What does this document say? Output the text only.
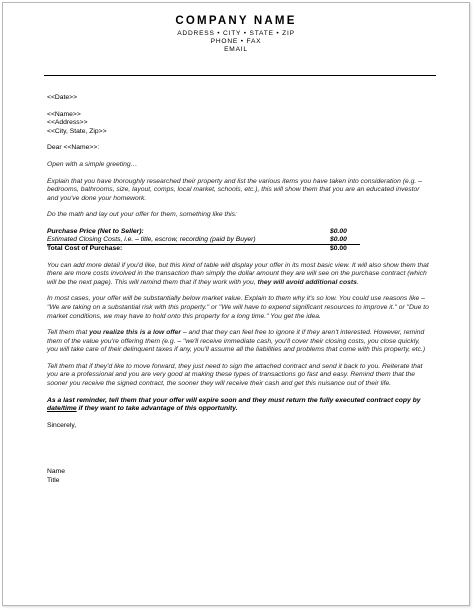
COMPANY NAME
ADDRESS • CITY • STATE • ZIP
PHONE • FAX
EMAIL

<<Date>>

<<Name>>

<<Address>>

<<City, State, Zip>>

Dear <<Name>>:

Open with a simple greeting…

Explain that you have thoroughly researched their property and list the various items you have taken into consideration (e.g. – bedrooms, bathrooms, size, layout, comps, local market, schools, etc.), this will show them that you are an educated investor and you've done your homework.

Do the math and lay out your offer for them, something like this:

Purchase Price (Net to Seller):	$0.00
Estimated Closing Costs, i.e. – title, escrow, recording (paid by Buyer)	$0.00
Total Cost of Purchase:	$0.00

You can add more detail if you'd like, but this kind of table will display your offer in its most basic view. It will also show them that there are more costs involved in the transaction than simply the dollar amount they are will see on the purchase contract (which will be the next page). This will remind them that if they work with you, they will avoid additional costs.

In most cases, your offer will be substantially below market value. Explain to them why it's so low. You could use reasons like – "We are taking on a substantial risk with this property." or "We will have to expend significant resources to improve it." or "Due to market conditions, we may have to hold onto this property for a long time." You get the idea.

Tell them that you realize this is a low offer – and that they can feel free to ignore it if they aren't interested. However, remind them of the value you're offering them (e.g. – "we'll receive immediate cash, you'll cover their closing costs, you close quickly, you will take care of their delinquent taxes if any, you'll assume all the liabilities and problems that come with this property, etc.)

Tell them that if they'd like to move forward, they just need to sign the attached contract and send it back to you. Reiterate that you are a professional and you are very good at making these types of transactions go fast and easy. Remind them that the sooner you receive the signed contract, the sooner they will receive their cash and get this nuisance out of their life.

As a last reminder, tell them that your offer will expire soon and they must return the fully executed contract copy by date/time if they want to take advantage of this opportunity.

Sincerely,

Name

Title
